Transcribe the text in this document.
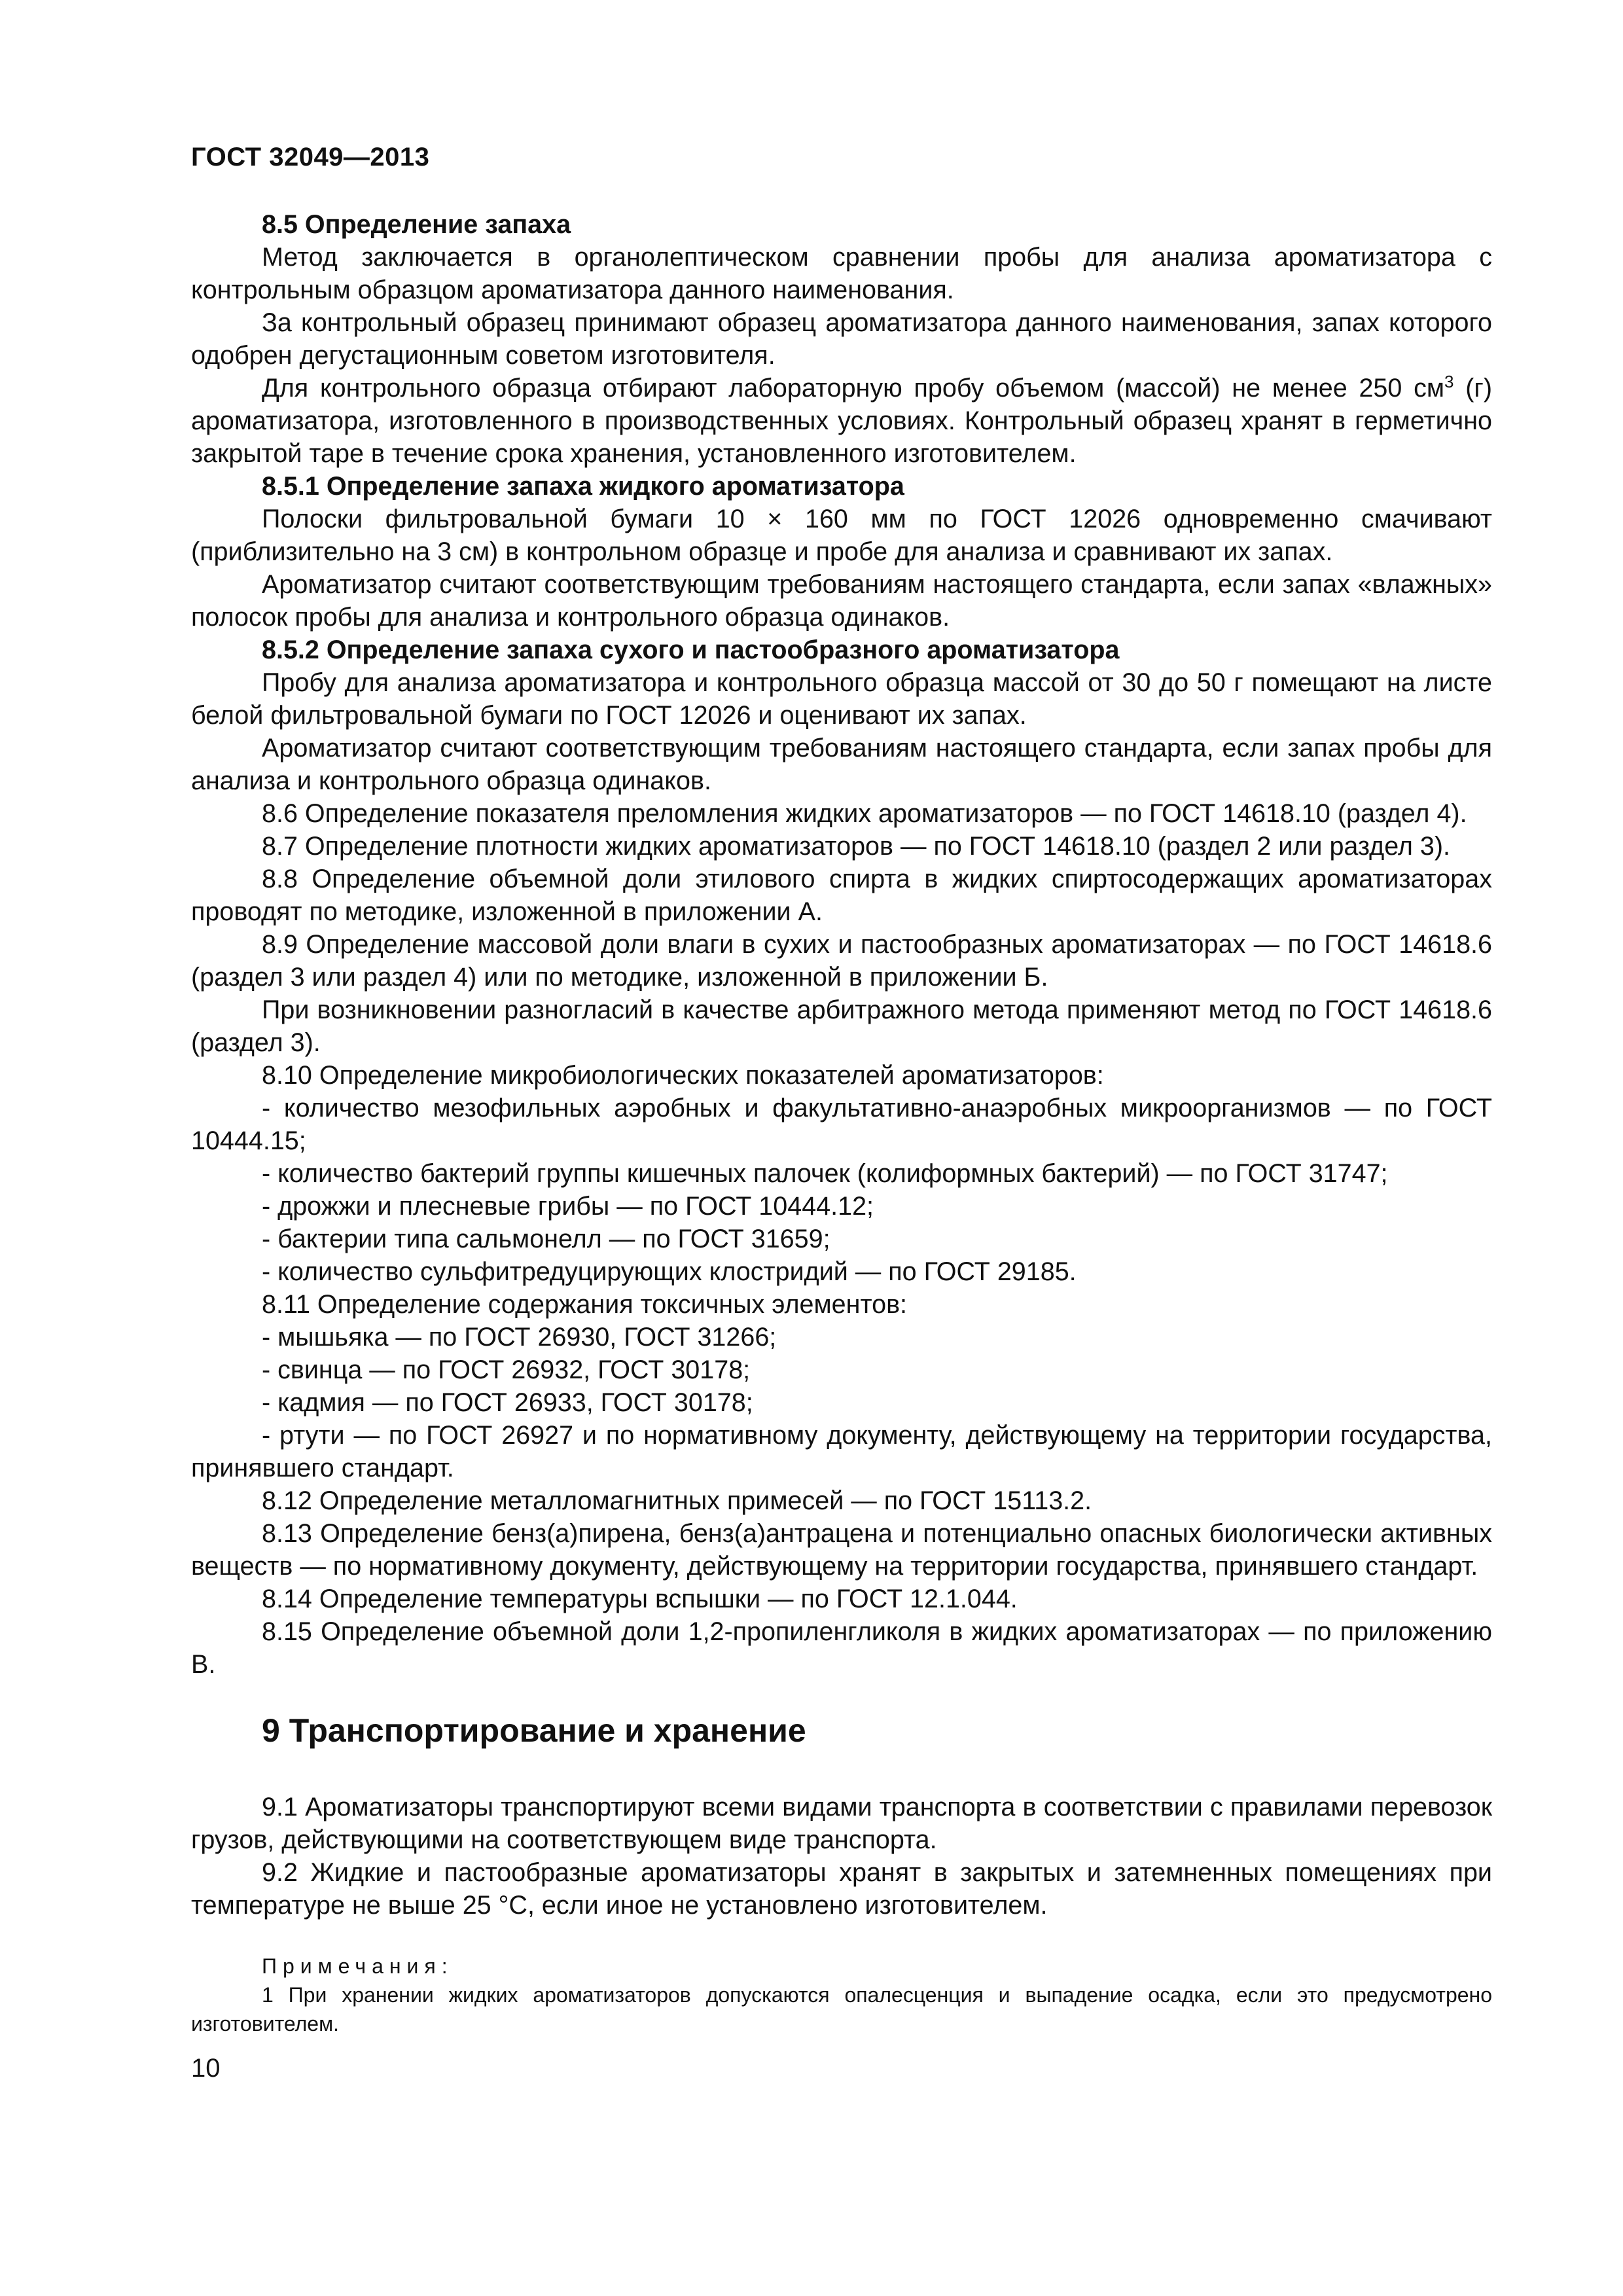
ГОСТ 32049—2013

8.5 Определение запаха

Метод заключается в органолептическом сравнении пробы для анализа ароматизатора с контрольным образцом ароматизатора данного наименования.

За контрольный образец принимают образец ароматизатора данного наименования, запах которого одобрен дегустационным советом изготовителя.

Для контрольного образца отбирают лабораторную пробу объемом (массой) не менее 250 $см^3$ (г) ароматизатора, изготовленного в производственных условиях. Контрольный образец хранят в герметично закрытой таре в течение срока хранения, установленного изготовителем.

8.5.1 Определение запаха жидкого ароматизатора

Полоски фильтровальной бумаги 10 × 160 мм по ГОСТ 12026 одновременно смачивают (приблизительно на 3 см) в контрольном образце и пробе для анализа и сравнивают их запах.

Ароматизатор считают соответствующим требованиям настоящего стандарта, если запах «влажных» полосок пробы для анализа и контрольного образца одинаков.

8.5.2 Определение запаха сухого и пастообразного ароматизатора

Пробу для анализа ароматизатора и контрольного образца массой от 30 до 50 г помещают на листе белой фильтровальной бумаги по ГОСТ 12026 и оценивают их запах.

Ароматизатор считают соответствующим требованиям настоящего стандарта, если запах пробы для анализа и контрольного образца одинаков.

8.6 Определение показателя преломления жидких ароматизаторов — по ГОСТ 14618.10 (раздел 4).

8.7 Определение плотности жидких ароматизаторов — по ГОСТ 14618.10 (раздел 2 или раздел 3).

8.8 Определение объемной доли этилового спирта в жидких спиртосодержащих ароматизаторах проводят по методике, изложенной в приложении А.

8.9 Определение массовой доли влаги в сухих и пастообразных ароматизаторах — по ГОСТ 14618.6 (раздел 3 или раздел 4) или по методике, изложенной в приложении Б.

При возникновении разногласий в качестве арбитражного метода применяют метод по ГОСТ 14618.6 (раздел 3).

8.10 Определение микробиологических показателей ароматизаторов:

- количество мезофильных аэробных и факультативно-анаэробных микроорганизмов — по ГОСТ 10444.15;

- количество бактерий группы кишечных палочек (колиформных бактерий) — по ГОСТ 31747;

- дрожжи и плесневые грибы — по ГОСТ 10444.12;

- бактерии типа сальмонелл — по ГОСТ 31659;

- количество сульфитредуцирующих клостридий — по ГОСТ 29185.

8.11 Определение содержания токсичных элементов:

- мышьяка — по ГОСТ 26930, ГОСТ 31266;

- свинца — по ГОСТ 26932, ГОСТ 30178;

- кадмия — по ГОСТ 26933, ГОСТ 30178;

- ртути — по ГОСТ 26927 и по нормативному документу, действующему на территории государства, принявшего стандарт.

8.12 Определение металломагнитных примесей — по ГОСТ 15113.2.

8.13 Определение бенз(а)пирена, бенз(а)антрацена и потенциально опасных биологически активных веществ — по нормативному документу, действующему на территории государства, принявшего стандарт.

8.14 Определение температуры вспышки — по ГОСТ 12.1.044.

8.15 Определение объемной доли 1,2-пропиленгликоля в жидких ароматизаторах — по приложению В.

9 Транспортирование и хранение

9.1 Ароматизаторы транспортируют всеми видами транспорта в соответствии с правилами перевозок грузов, действующими на соответствующем виде транспорта.

9.2 Жидкие и пастообразные ароматизаторы хранят в закрытых и затемненных помещениях при температуре не выше 25 °С, если иное не установлено изготовителем.

Примечания:

1 При хранении жидких ароматизаторов допускаются опалесценция и выпадение осадка, если это предусмотрено изготовителем.

10
